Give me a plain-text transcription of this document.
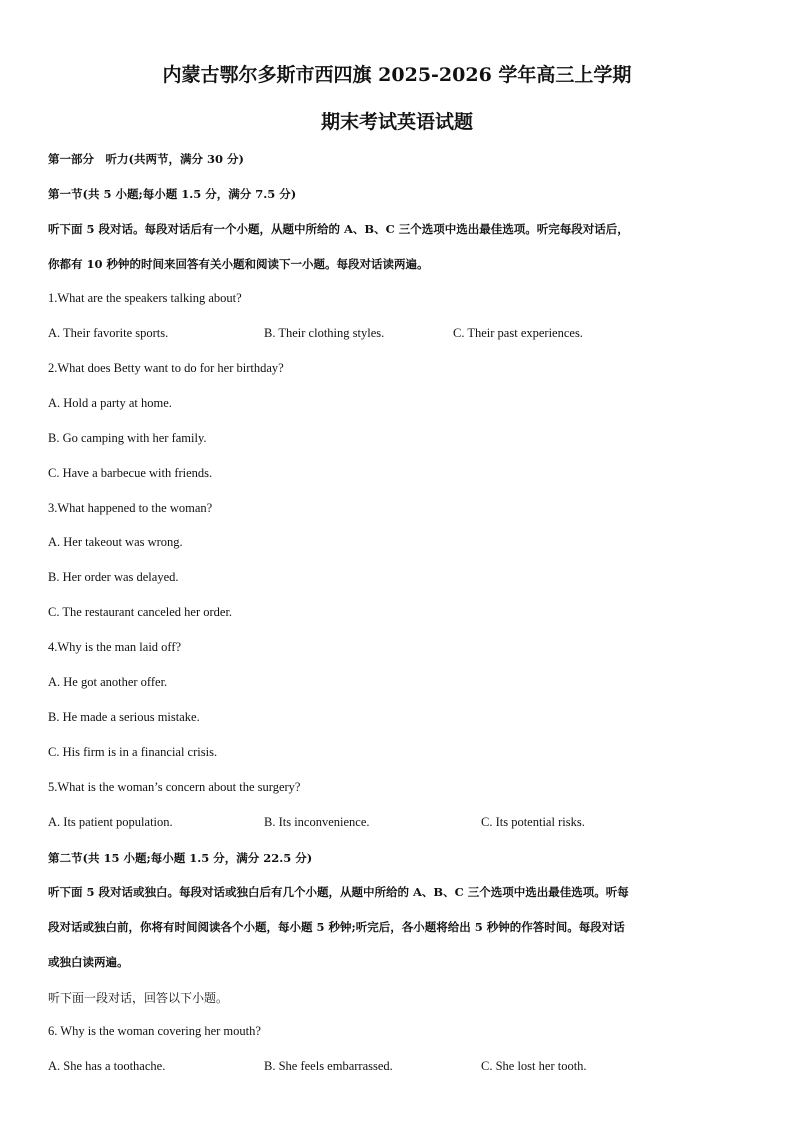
内蒙古鄂尔多斯市西四旗 2025-2026 学年高三上学期
期末考试英语试题
第一部分　听力(共两节，满分 30 分)
第一节(共 5 小题;每小题 1.5 分，满分 7.5 分)
听下面 5 段对话。每段对话后有一个小题，从题中所给的 A、B、C 三个选项中选出最佳选项。听完每段对话后，
你都有 10 秒钟的时间来回答有关小题和阅读下一小题。每段对话读两遍。
1.What are the speakers talking about?
A. Their favorite sports.	B. Their clothing styles.	C. Their past experiences.
2.What does Betty want to do for her birthday?
A. Hold a party at home.
B. Go camping with her family.
C. Have a barbecue with friends.
3.What happened to the woman?
A. Her takeout was wrong.
B. Her order was delayed.
C. The restaurant canceled her order.
4.Why is the man laid off?
A. He got another offer.
B. He made a serious mistake.
C. His firm is in a financial crisis.
5.What is the woman’s concern about the surgery?
A. Its patient population.	B. Its inconvenience.	C. Its potential risks.
第二节(共 15 小题;每小题 1.5 分，满分 22.5 分)
听下面 5 段对话或独白。每段对话或独白后有几个小题，从题中所给的 A、B、C 三个选项中选出最佳选项。听每
段对话或独白前，你将有时间阅读各个小题，每小题 5 秒钟;听完后，各小题将给出 5 秒钟的作答时间。每段对话
或独白读两遍。
听下面一段对话，回答以下小题。
6. Why is the woman covering her mouth?
A. She has a toothache.	B. She feels embarrassed.	C. She lost her tooth.
